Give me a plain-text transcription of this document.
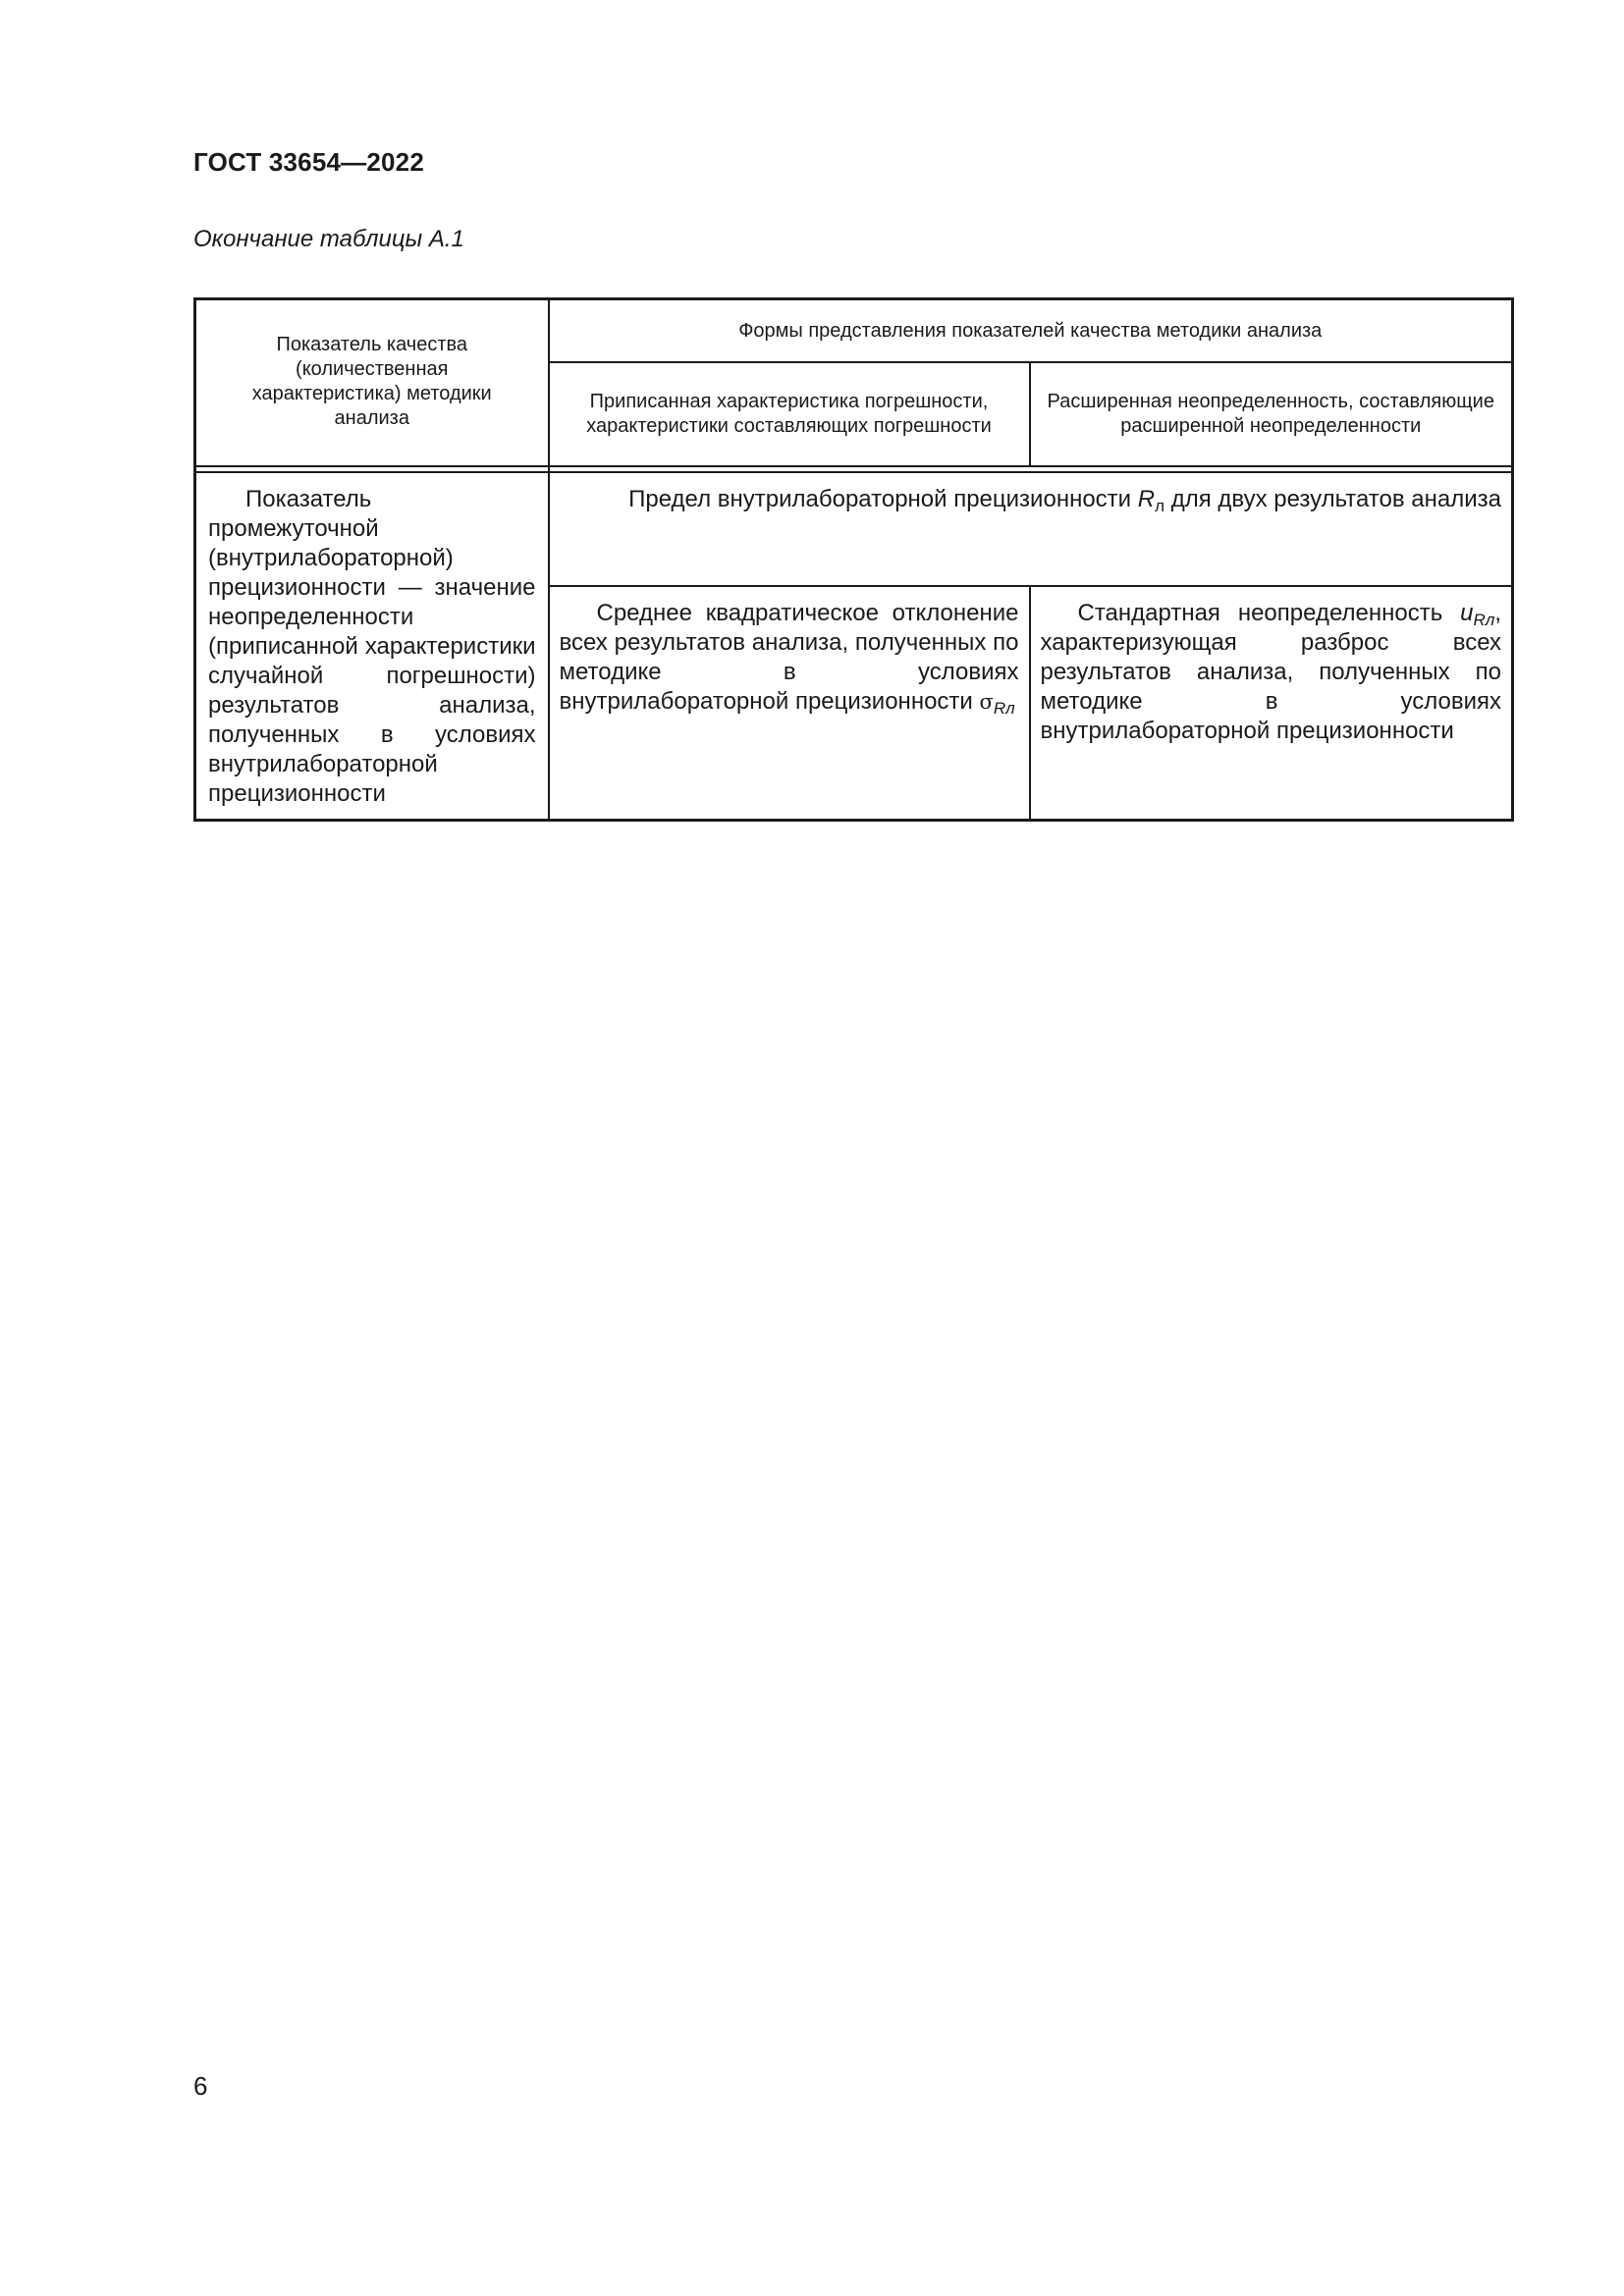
ГОСТ 33654—2022
Окончание таблицы А.1
Показатель качества (количественная характеристика) методики анализа	Формы представления показателей качества методики анализа	
	Приписанная характеристика погрешности, характеристики составляющих погрешности	Расширенная неопределенность, составляющие расширенной неопределенности

Показатель промежуточной (внутрилабораторной) прецизионности — значение неопределенности (приписанной характеристики случайной погрешности) результатов анализа, полученных в условиях внутрилабораторной прецизионности	Предел внутрилабораторной прецизионности $R_л$ для двух результатов анализа	
	Среднее квадратическое отклонение всех результатов анализа, полученных по методике в условиях внутрилабораторной прецизионности $\sigma_{Rл}$	Стандартная неопределенность $u_{Rл}$, характеризующая разброс всех результатов анализа, полученных по методике в условиях внутрилабораторной прецизионности
6
